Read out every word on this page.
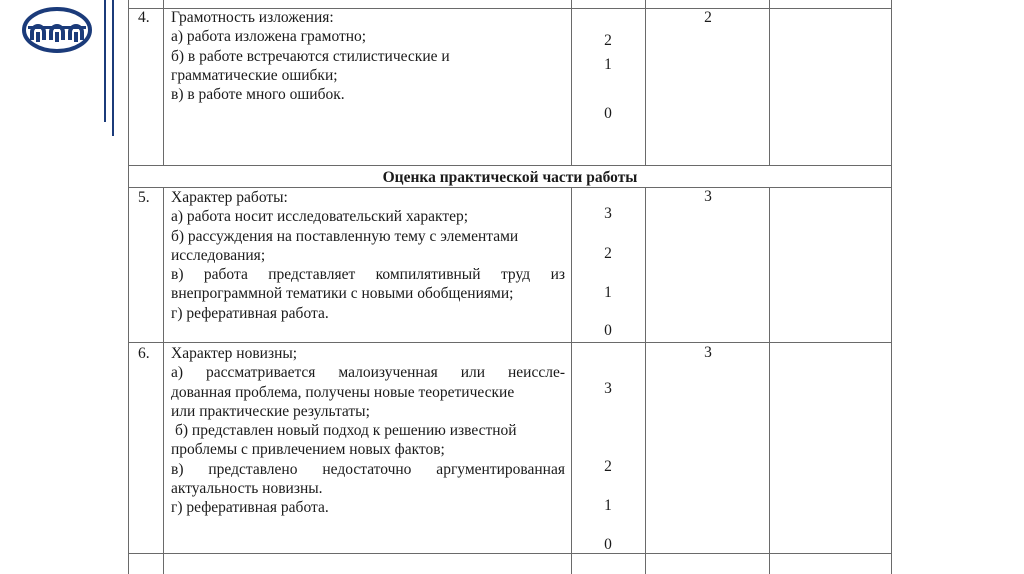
4. Грамотность изложения:
а) работа изложена грамотно;
б) в работе встречаются стилистические и
грамматические ошибки;
в) в работе много ошибок.
2
1
0
2
Оценка практической части работы
5. Характер работы:
а) работа носит исследовательский характер;
б) рассуждения на поставленную тему с элементами
исследования;
в) работа представляет компилятивный труд из
внепрограммной тематики с новыми обобщениями;
г) реферативная работа.
3
2
1
0
3
6. Характер новизны;
а) рассматривается малоизученная или неиссле-
дованная проблема, получены новые теоретические
или практические результаты;
б) представлен новый подход к решению известной
проблемы с привлечением новых фактов;
в) представлено недостаточно аргументированная
актуальность новизны.
г) реферативная работа.
3
2
1
0
3
